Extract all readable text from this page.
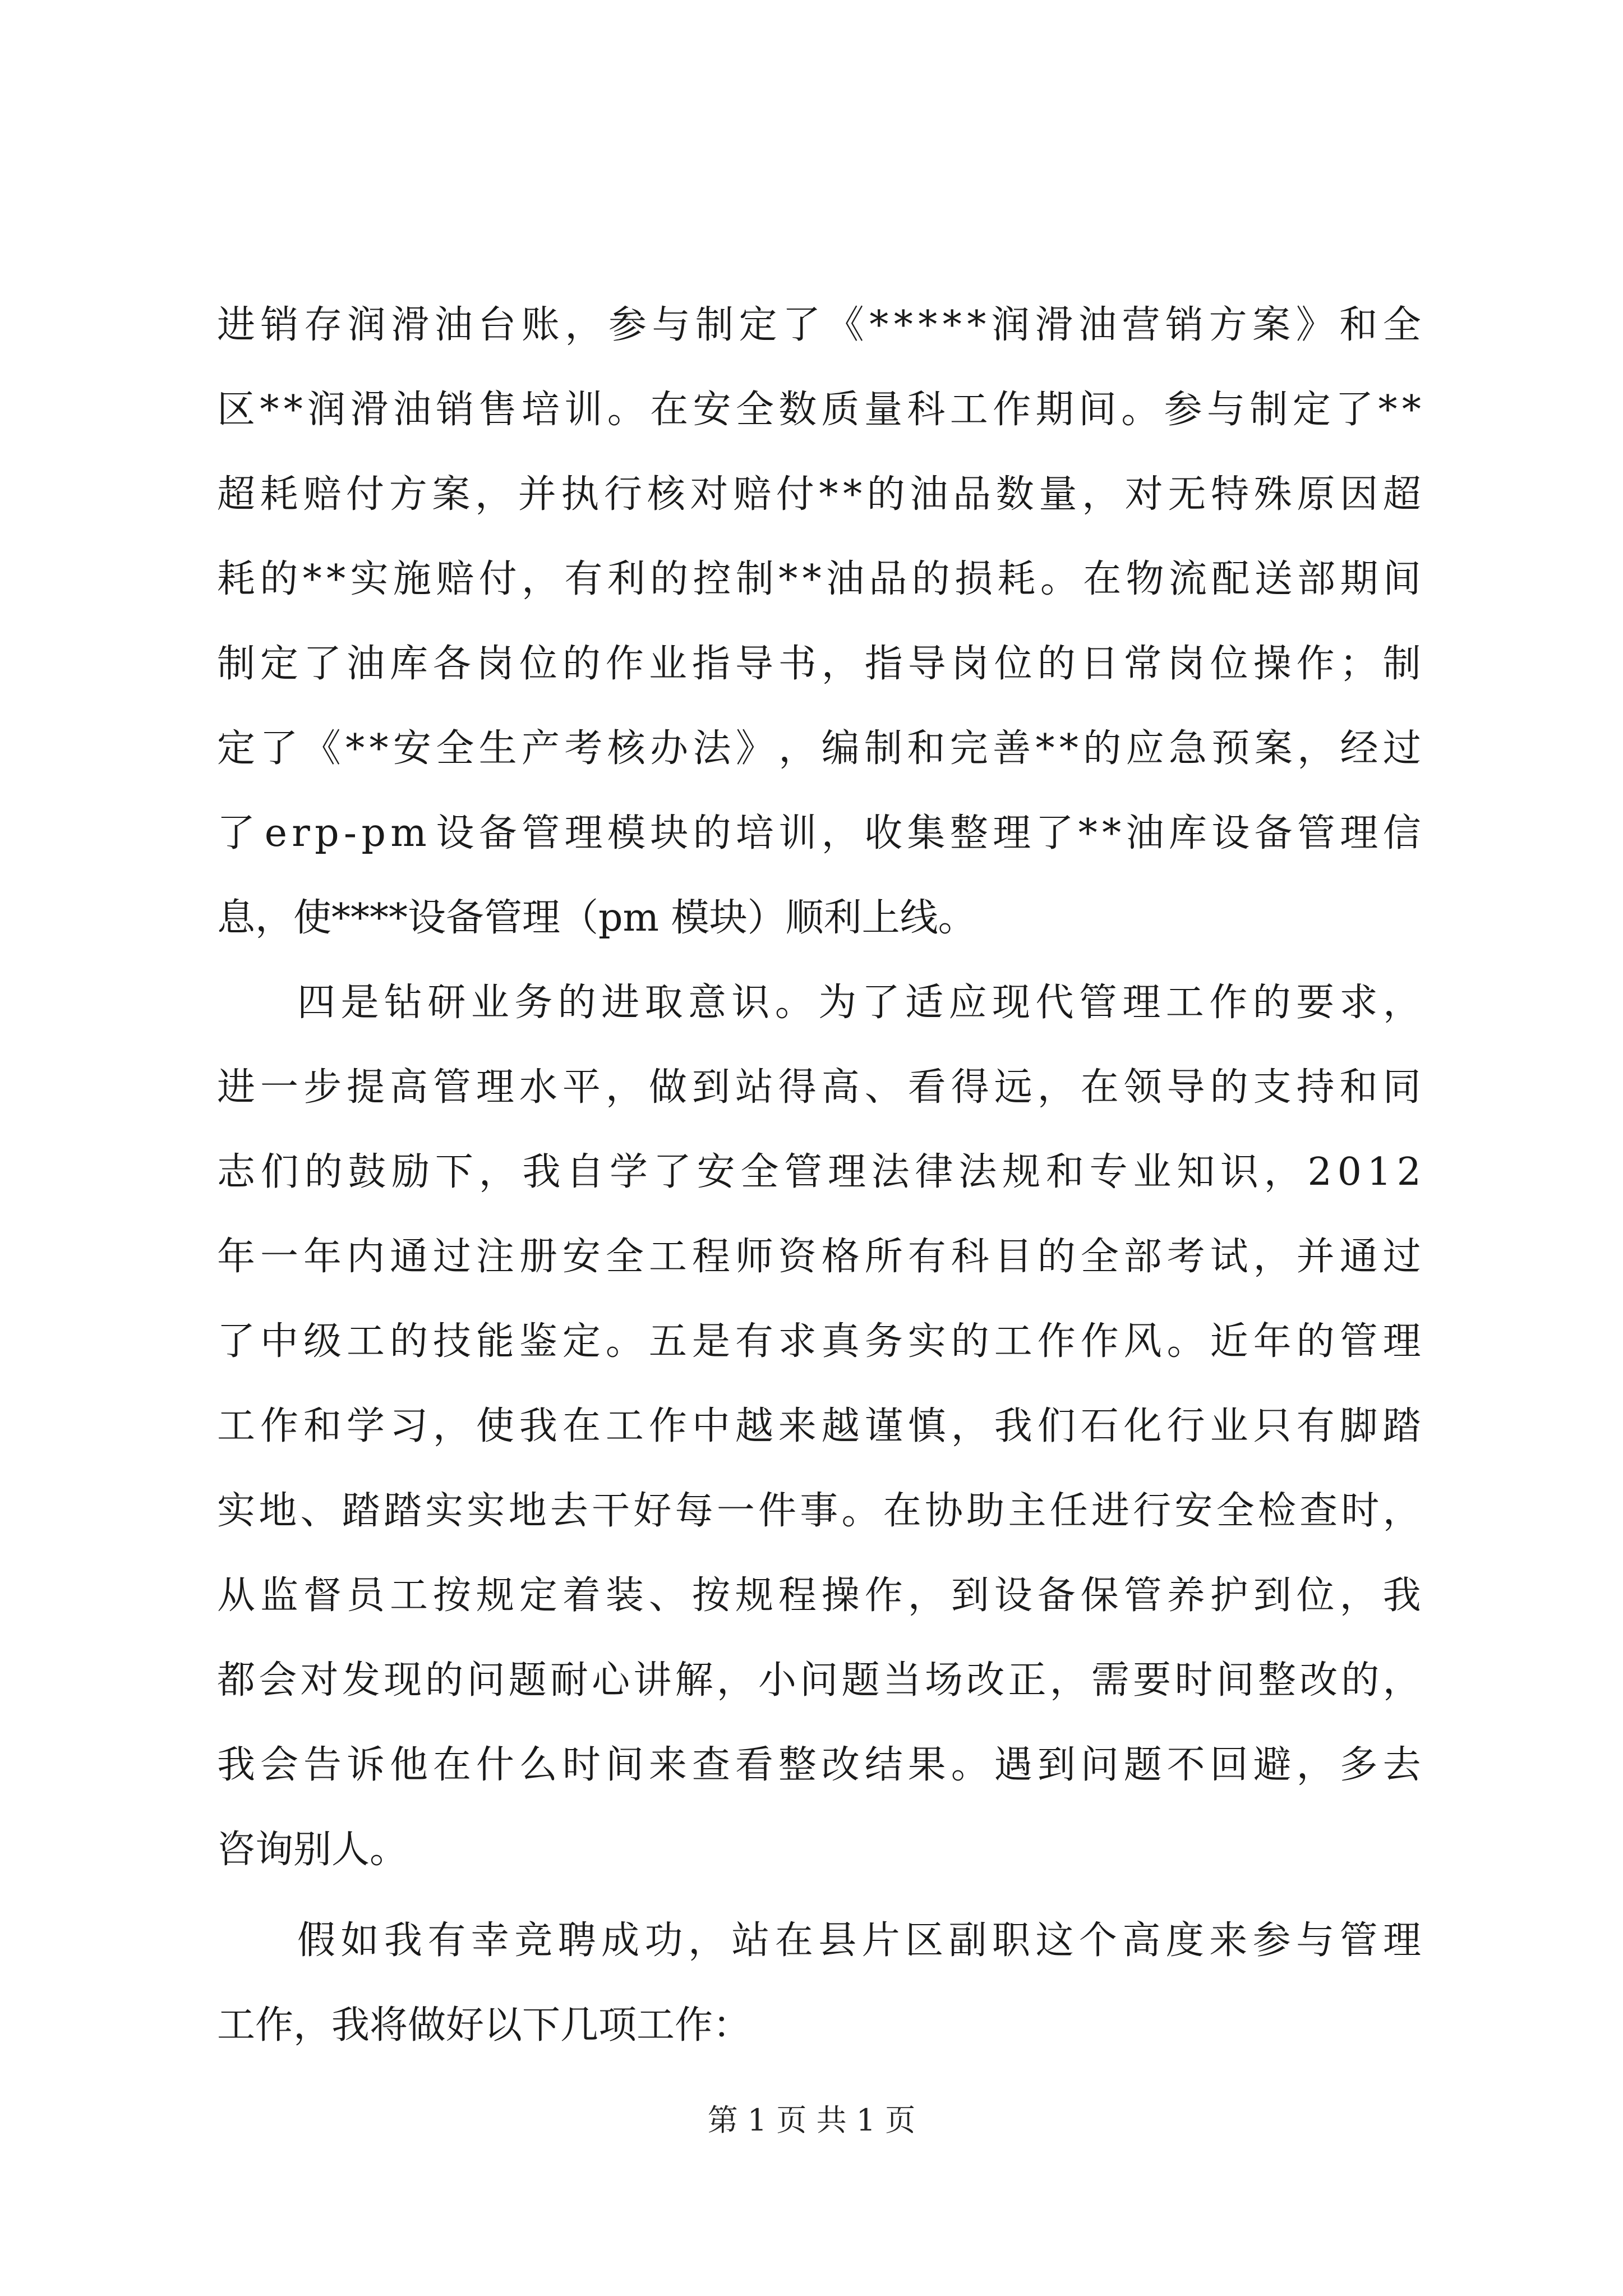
进 销 存 润 滑 油 台 账 ， 参 与 制 定 了 《 * * * * * 润 滑 油 营 销 方 案 》 和 全
区 * * 润 滑 油 销 售 培 训 。 在 安 全 数 质 量 科 工 作 期 间 。 参 与 制 定 了 * *
超 耗 赔 付 方 案 ， 并 执 行 核 对 赔 付 * * 的 油 品 数 量 ， 对 无 特 殊 原 因 超
耗 的 * * 实 施 赔 付 ， 有 利 的 控 制 * * 油 品 的 损 耗 。 在 物 流 配 送 部 期 间
制 定 了 油 库 各 岗 位 的 作 业 指 导 书 ， 指 导 岗 位 的 日 常 岗 位 操 作 ； 制
定 了 《 * * 安 全 生 产 考 核 办 法 》 ， 编 制 和 完 善 * * 的 应 急 预 案 ， 经 过
了 e r p - p m 设 备 管 理 模 块 的 培 训 ， 收 集 整 理 了 * * 油 库 设 备 管 理 信
息，使****设备管理（pm 模块）顺利上线。
四 是 钻 研 业 务 的 进 取 意 识 。 为 了 适 应 现 代 管 理 工 作 的 要 求 ，
进 一 步 提 高 管 理 水 平 ， 做 到 站 得 高 、 看 得 远 ， 在 领 导 的 支 持 和 同
志 们 的 鼓 励 下 ， 我 自 学 了 安 全 管 理 法 律 法 规 和 专 业 知 识 ， 2 0 1 2
年 一 年 内 通 过 注 册 安 全 工 程 师 资 格 所 有 科 目 的 全 部 考 试 ， 并 通 过
了 中 级 工 的 技 能 鉴 定 。 五 是 有 求 真 务 实 的 工 作 作 风 。 近 年 的 管 理
工 作 和 学 习 ， 使 我 在 工 作 中 越 来 越 谨 慎 ， 我 们 石 化 行 业 只 有 脚 踏
实 地 、 踏 踏 实 实 地 去 干 好 每 一 件 事 。 在 协 助 主 任 进 行 安 全 检 查 时 ，
从 监 督 员 工 按 规 定 着 装 、 按 规 程 操 作 ， 到 设 备 保 管 养 护 到 位 ， 我
都 会 对 发 现 的 问 题 耐 心 讲 解 ， 小 问 题 当 场 改 正 ， 需 要 时 间 整 改 的 ，
我 会 告 诉 他 在 什 么 时 间 来 查 看 整 改 结 果 。 遇 到 问 题 不 回 避 ， 多 去
咨询别人。
假 如 我 有 幸 竞 聘 成 功 ， 站 在 县 片 区 副 职 这 个 高 度 来 参 与 管 理
工作，我将做好以下几项工作：
第 1 页 共 1 页
